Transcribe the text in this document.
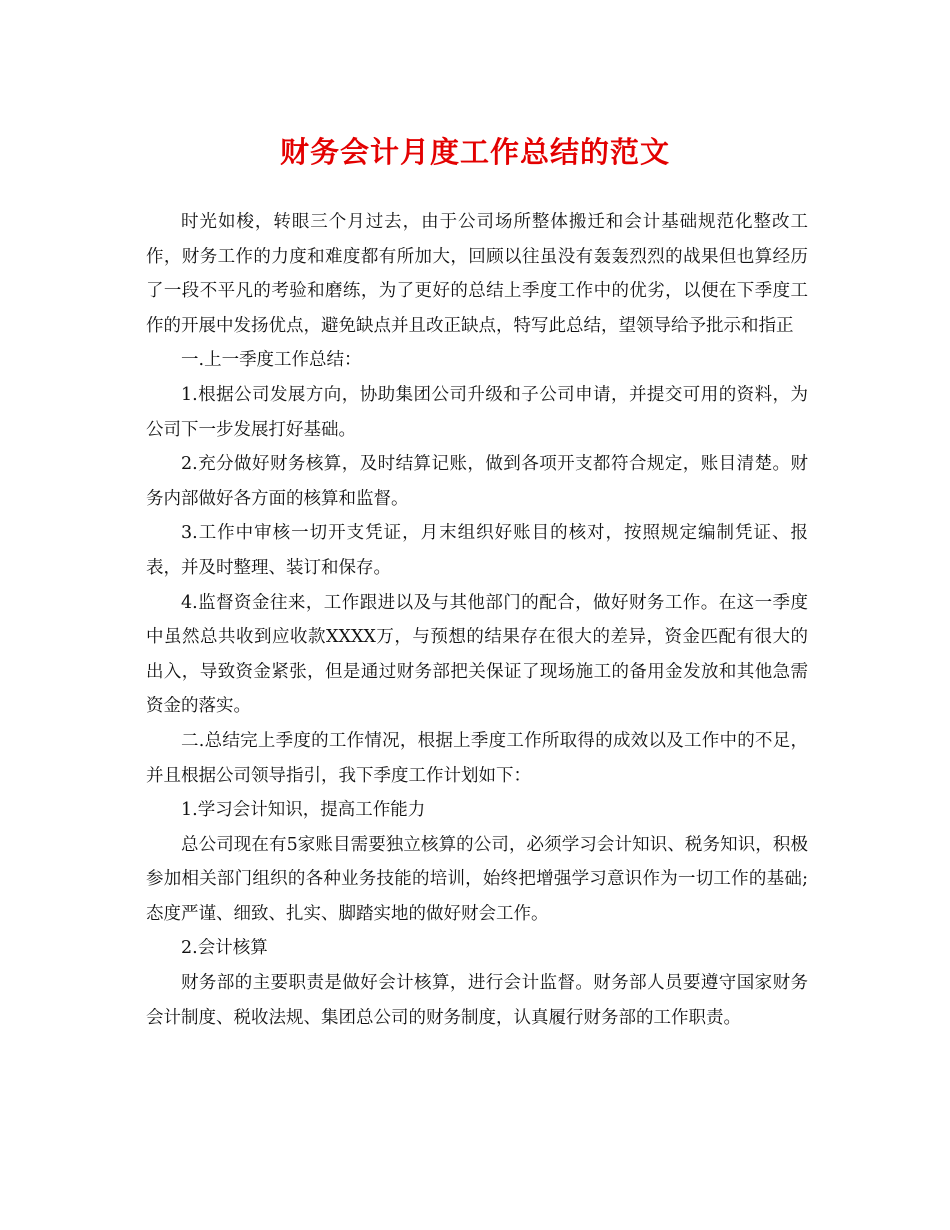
财务会计月度工作总结的范文

时光如梭，转眼三个月过去，由于公司场所整体搬迁和会计基础规范化整改工作，财务工作的力度和难度都有所加大，回顾以往虽没有轰轰烈烈的战果但也算经历了一段不平凡的考验和磨练，为了更好的总结上季度工作中的优劣，以便在下季度工作的开展中发扬优点，避免缺点并且改正缺点，特写此总结，望领导给予批示和指正

一.上一季度工作总结：

1.根据公司发展方向，协助集团公司升级和子公司申请，并提交可用的资料，为公司下一步发展打好基础。

2.充分做好财务核算，及时结算记账，做到各项开支都符合规定，账目清楚。财务内部做好各方面的核算和监督。

3.工作中审核一切开支凭证，月末组织好账目的核对，按照规定编制凭证、报表，并及时整理、装订和保存。

4.监督资金往来，工作跟进以及与其他部门的配合，做好财务工作。在这一季度中虽然总共收到应收款XXXX万，与预想的结果存在很大的差异，资金匹配有很大的出入，导致资金紧张，但是通过财务部把关保证了现场施工的备用金发放和其他急需资金的落实。

二.总结完上季度的工作情况，根据上季度工作所取得的成效以及工作中的不足，并且根据公司领导指引，我下季度工作计划如下：

1.学习会计知识，提高工作能力

总公司现在有5家账目需要独立核算的公司，必须学习会计知识、税务知识，积极参加相关部门组织的各种业务技能的培训，始终把增强学习意识作为一切工作的基础;态度严谨、细致、扎实、脚踏实地的做好财会工作。

2.会计核算

财务部的主要职责是做好会计核算，进行会计监督。财务部人员要遵守国家财务会计制度、税收法规、集团总公司的财务制度，认真履行财务部的工作职责。
